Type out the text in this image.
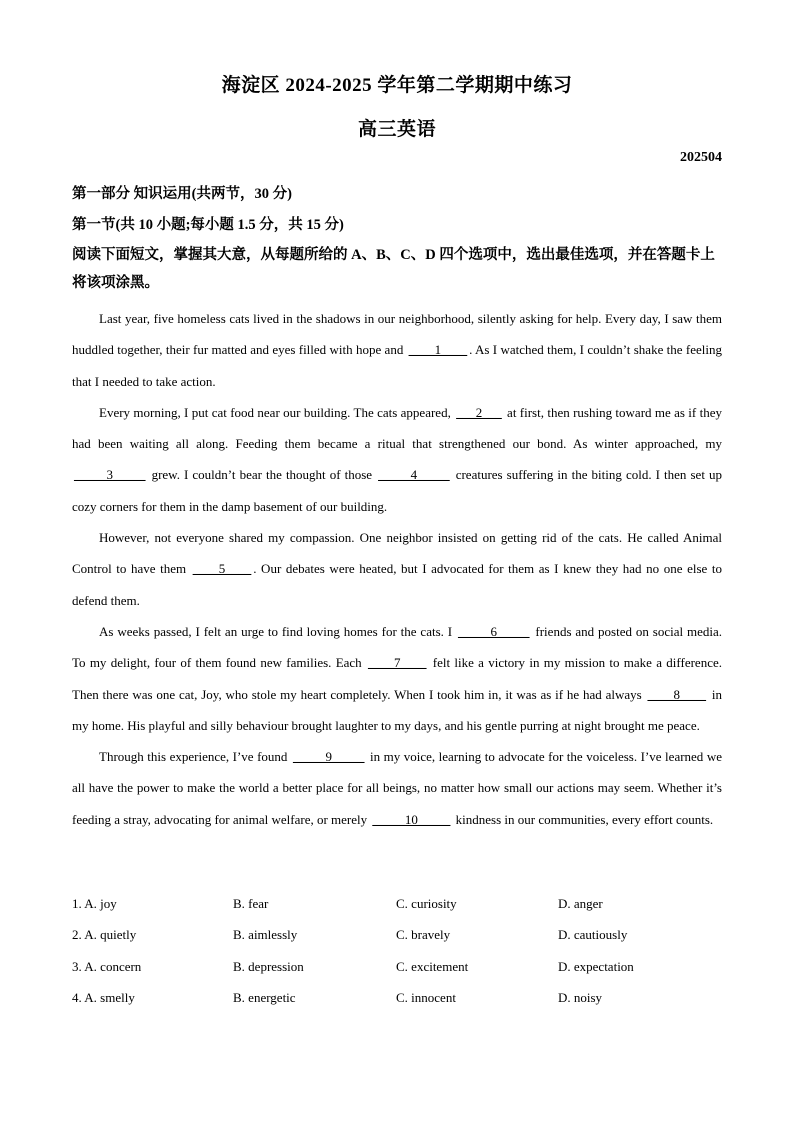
海淀区 2024-2025 学年第二学期期中练习
高三英语
202504
第一部分 知识运用(共两节，30 分)
第一节(共 10 小题;每小题 1.5 分，共 15 分)
阅读下面短文，掌握其大意，从每题所给的 A、B、C、D 四个选项中，选出最佳选项，并在答题卡上将该项涂黑。

Last year, five homeless cats lived in the shadows in our neighborhood, silently asking for help. Every day, I saw them huddled together, their fur matted and eyes filled with hope and ____1____ . As I watched them, I couldn’t shake the feeling that I needed to take action.

Every morning, I put cat food near our building. The cats appeared, ___2___ at first, then rushing toward me as if they had been waiting all along. Feeding them became a ritual that strengthened our bond. As winter approached, my _____3_____ grew. I couldn’t bear the thought of those _____4_____ creatures suffering in the biting cold. I then set up cozy corners for them in the damp basement of our building.

However, not everyone shared my compassion. One neighbor insisted on getting rid of the cats. He called Animal Control to have them ____5____ . Our debates were heated, but I advocated for them as I knew they had no one else to defend them.

As weeks passed, I felt an urge to find loving homes for the cats. I _____6_____ friends and posted on social media. To my delight, four of them found new families. Each ____7____ felt like a victory in my mission to make a difference. Then there was one cat, Joy, who stole my heart completely. When I took him in, it was as if he had always ____8____ in my home. His playful and silly behaviour brought laughter to my days, and his gentle purring at night brought me peace.

Through this experience, I’ve found _____9_____ in my voice, learning to advocate for the voiceless. I’ve learned we all have the power to make the world a better place for all beings, no matter how small our actions may seem. Whether it’s feeding a stray, advocating for animal welfare, or merely _____10_____ kindness in our communities, every effort counts.

1. A. joy	B. fear	C. curiosity	D. anger
2. A. quietly	B. aimlessly	C. bravely	D. cautiously
3. A. concern	B. depression	C. excitement	D. expectation
4. A. smelly	B. energetic	C. innocent	D. noisy
